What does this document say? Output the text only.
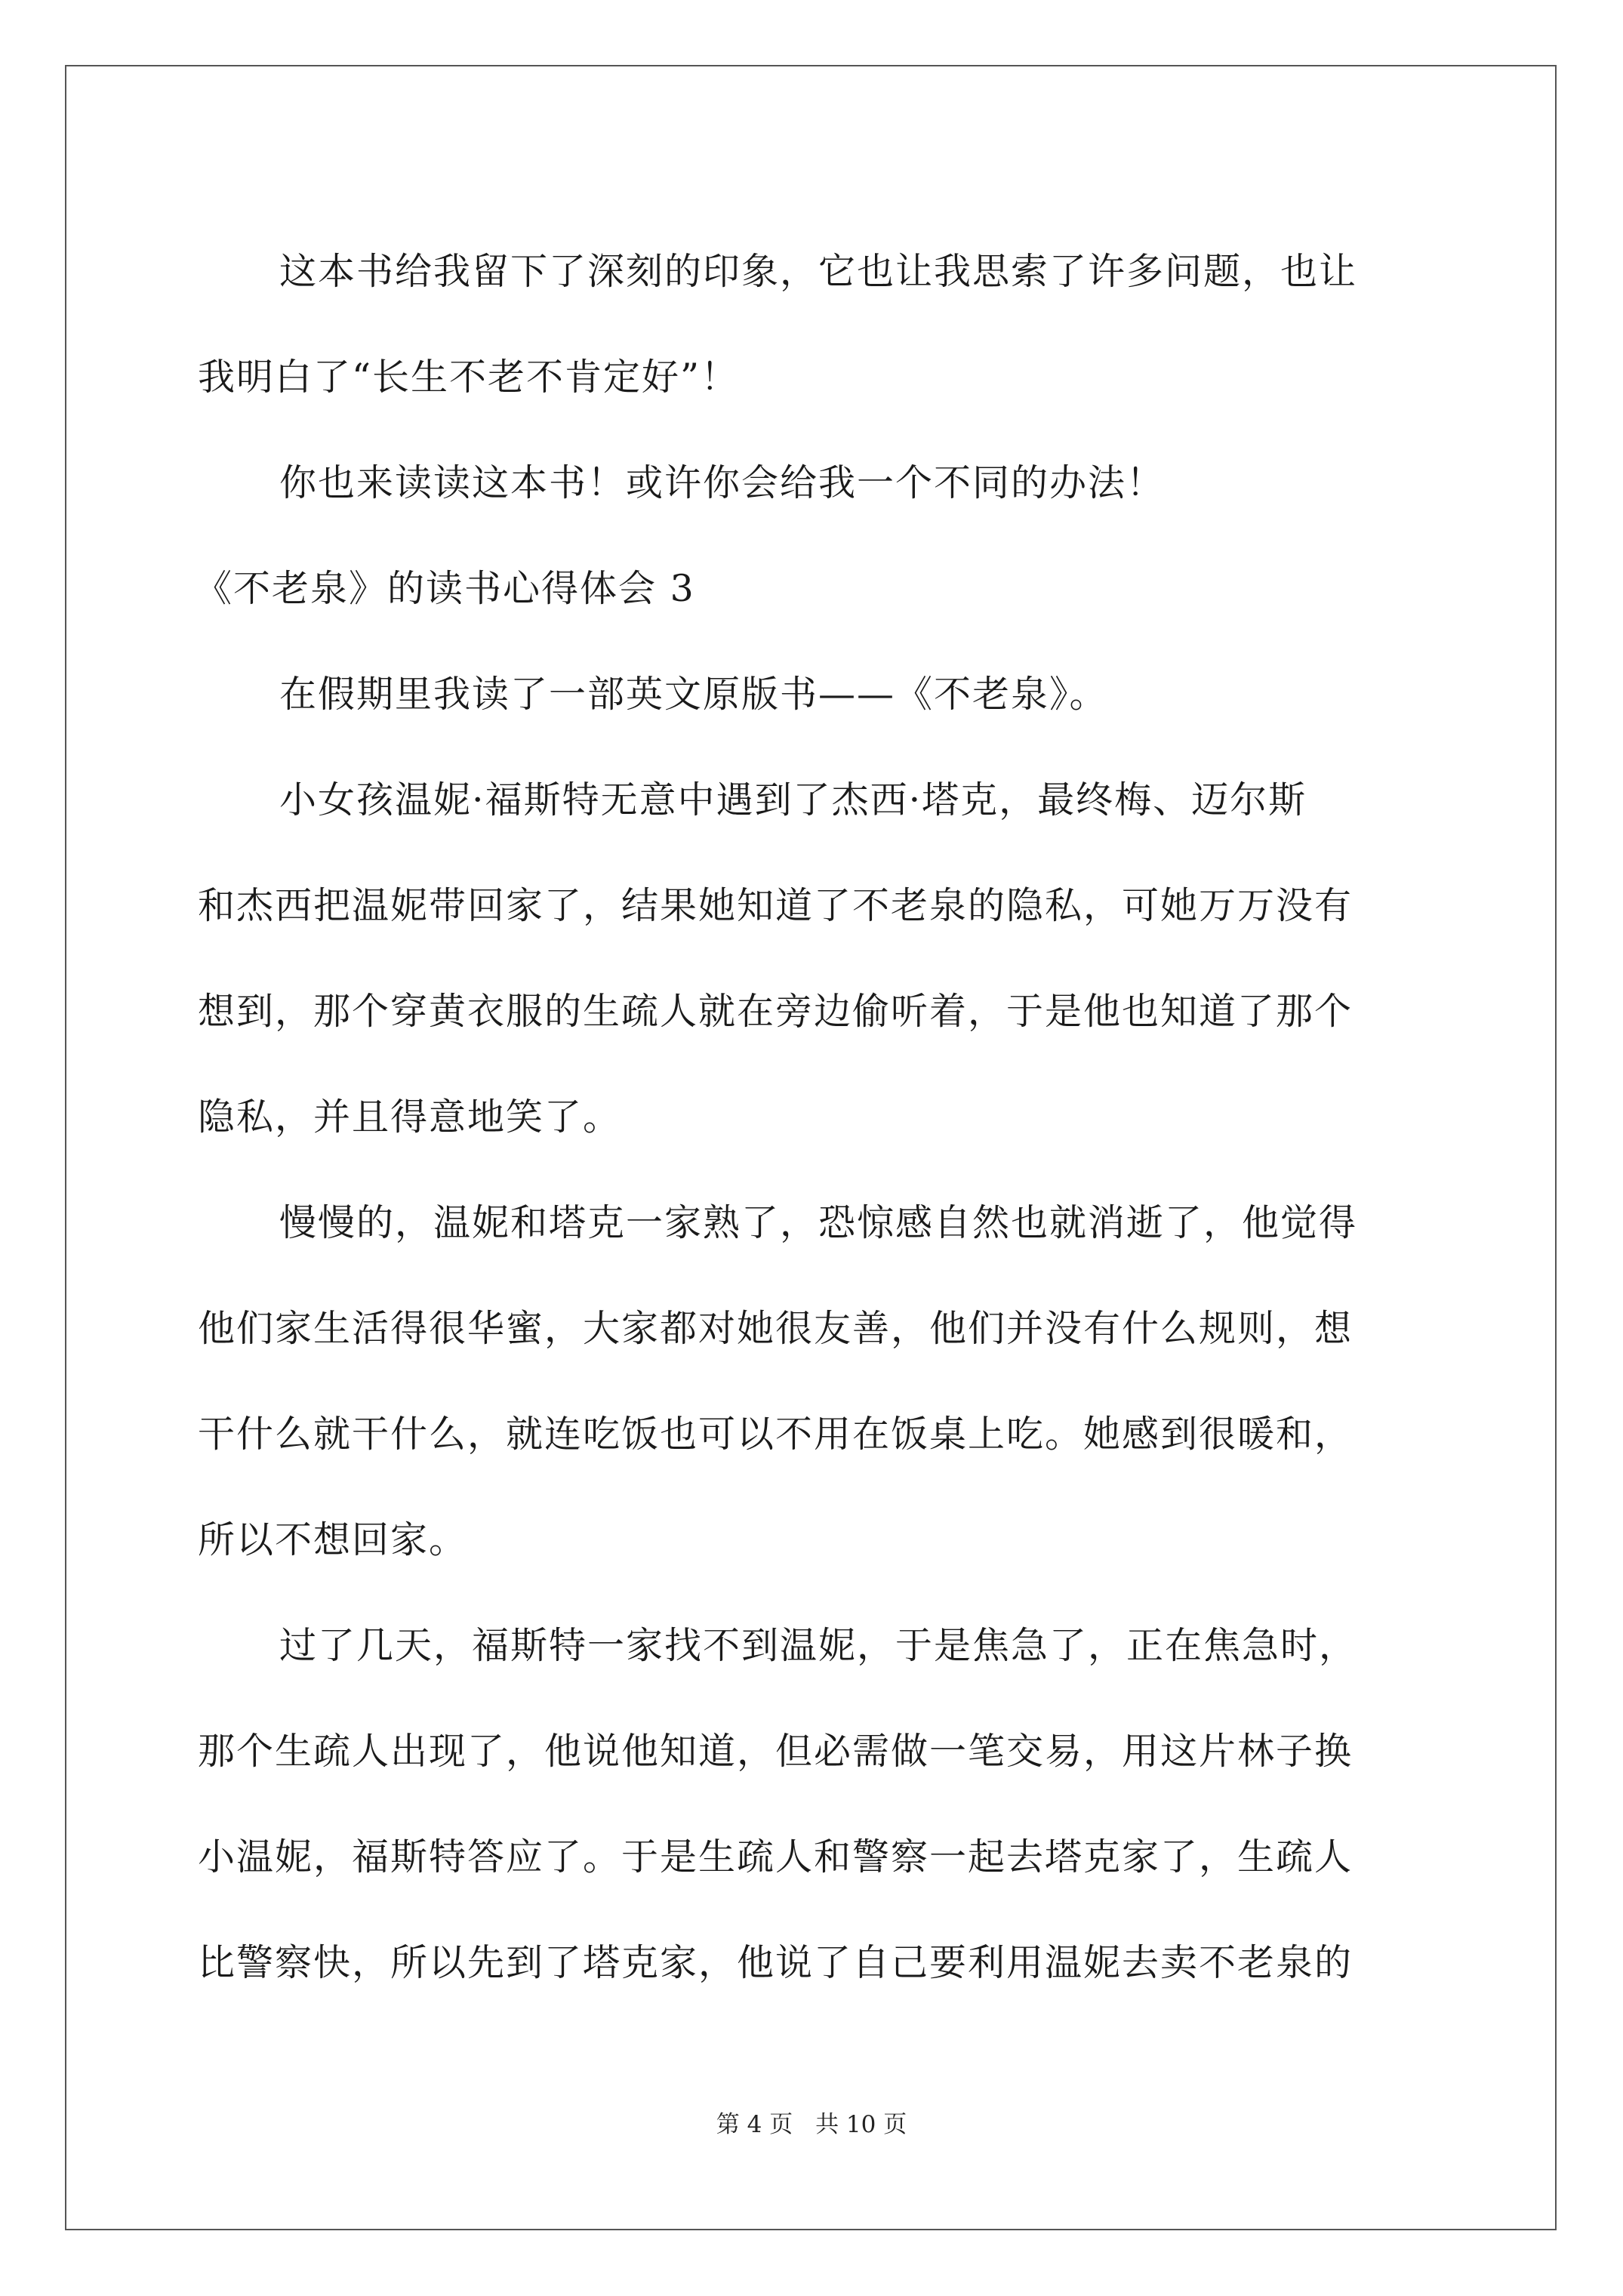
这本书给我留下了深刻的印象，它也让我思索了许多问题，也让
我明白了“长生不老不肯定好”！
你也来读读这本书！或许你会给我一个不同的办法！
《不老泉》的读书心得体会 3
在假期里我读了一部英文原版书——《不老泉》。
小女孩温妮·福斯特无意中遇到了杰西·塔克，最终梅、迈尔斯
和杰西把温妮带回家了，结果她知道了不老泉的隐私，可她万万没有
想到，那个穿黄衣服的生疏人就在旁边偷听着，于是他也知道了那个
隐私，并且得意地笑了。
慢慢的，温妮和塔克一家熟了，恐惊感自然也就消逝了，他觉得
他们家生活得很华蜜，大家都对她很友善，他们并没有什么规则，想
干什么就干什么，就连吃饭也可以不用在饭桌上吃。她感到很暖和，
所以不想回家。
过了几天，福斯特一家找不到温妮，于是焦急了，正在焦急时，
那个生疏人出现了，他说他知道，但必需做一笔交易，用这片林子换
小温妮，福斯特答应了。于是生疏人和警察一起去塔克家了，生疏人
比警察快，所以先到了塔克家，他说了自己要利用温妮去卖不老泉的
第 4 页 共 10 页
